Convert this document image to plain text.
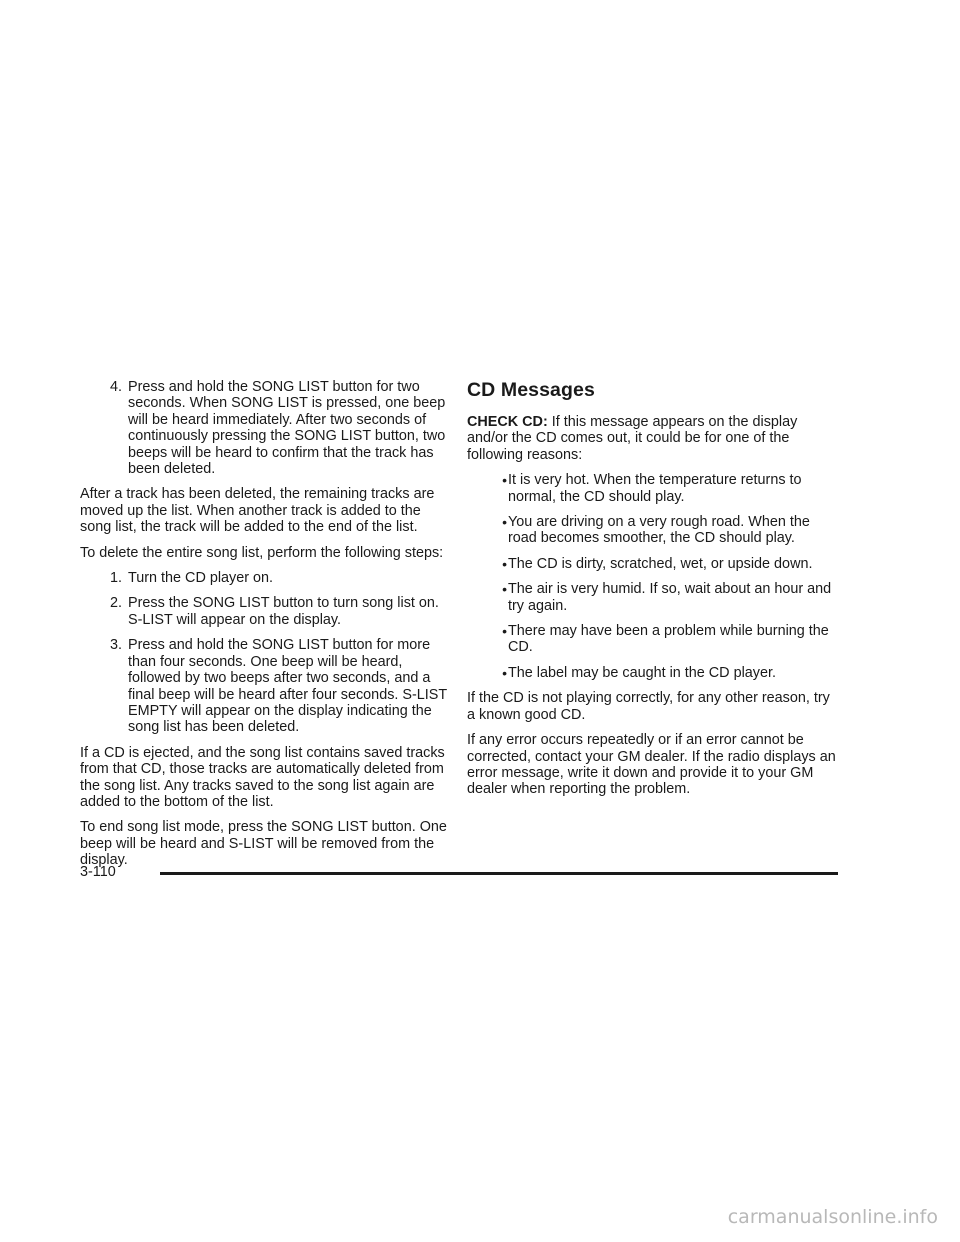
4. Press and hold the SONG LIST button for two seconds. When SONG LIST is pressed, one beep will be heard immediately. After two seconds of continuously pressing the SONG LIST button, two beeps will be heard to confirm that the track has been deleted.

After a track has been deleted, the remaining tracks are moved up the list. When another track is added to the song list, the track will be added to the end of the list.

To delete the entire song list, perform the following steps:

1. Turn the CD player on.
2. Press the SONG LIST button to turn song list on. S-LIST will appear on the display.
3. Press and hold the SONG LIST button for more than four seconds. One beep will be heard, followed by two beeps after two seconds, and a final beep will be heard after four seconds. S-LIST EMPTY will appear on the display indicating the song list has been deleted.

If a CD is ejected, and the song list contains saved tracks from that CD, those tracks are automatically deleted from the song list. Any tracks saved to the song list again are added to the bottom of the list.

To end song list mode, press the SONG LIST button. One beep will be heard and S-LIST will be removed from the display.

CD Messages

CHECK CD: If this message appears on the display and/or the CD comes out, it could be for one of the following reasons:

• It is very hot. When the temperature returns to normal, the CD should play.
• You are driving on a very rough road. When the road becomes smoother, the CD should play.
• The CD is dirty, scratched, wet, or upside down.
• The air is very humid. If so, wait about an hour and try again.
• There may have been a problem while burning the CD.
• The label may be caught in the CD player.

If the CD is not playing correctly, for any other reason, try a known good CD.

If any error occurs repeatedly or if an error cannot be corrected, contact your GM dealer. If the radio displays an error message, write it down and provide it to your GM dealer when reporting the problem.

3-110
carmanualsonline.info
